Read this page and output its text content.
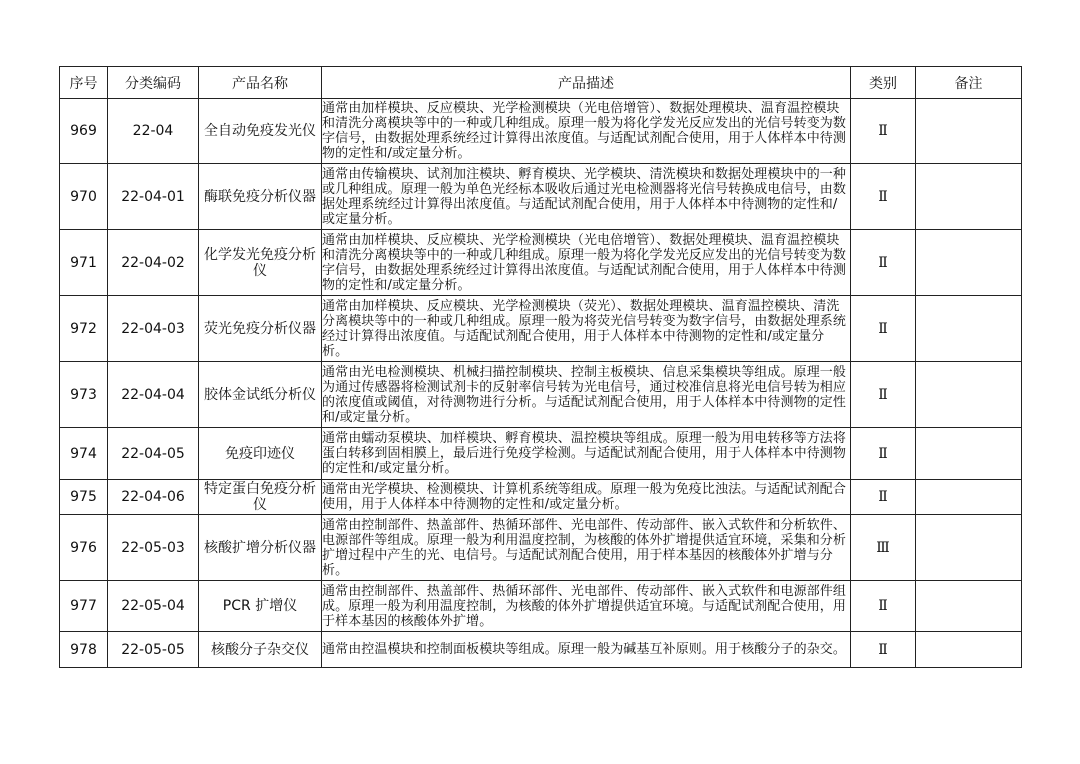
序号	分类编码	产品名称	产品描述	类别	备注
969	22-04	全自动免疫发光仪	通常由加样模块、反应模块、光学检测模块（光电倍增管）、数据处理模块、温育温控模块和清洗分离模块等中的一种或几种组成。原理一般为将化学发光反应发出的光信号转变为数字信号，由数据处理系统经过计算得出浓度值。与适配试剂配合使用，用于人体样本中待测物的定性和/或定量分析。	Ⅱ	
970	22-04-01	酶联免疫分析仪器	通常由传输模块、试剂加注模块、孵育模块、光学模块、清洗模块和数据处理模块中的一种或几种组成。原理一般为单色光经标本吸收后通过光电检测器将光信号转换成电信号，由数据处理系统经过计算得出浓度值。与适配试剂配合使用，用于人体样本中待测物的定性和/或定量分析。	Ⅱ	
971	22-04-02	化学发光免疫分析仪	通常由加样模块、反应模块、光学检测模块（光电倍增管）、数据处理模块、温育温控模块和清洗分离模块等中的一种或几种组成。原理一般为将化学发光反应发出的光信号转变为数字信号，由数据处理系统经过计算得出浓度值。与适配试剂配合使用，用于人体样本中待测物的定性和/或定量分析。	Ⅱ	
972	22-04-03	荧光免疫分析仪器	通常由加样模块、反应模块、光学检测模块（荧光）、数据处理模块、温育温控模块、清洗分离模块等中的一种或几种组成。原理一般为将荧光信号转变为数字信号，由数据处理系统经过计算得出浓度值。与适配试剂配合使用，用于人体样本中待测物的定性和/或定量分析。	Ⅱ	
973	22-04-04	胶体金试纸分析仪	通常由光电检测模块、机械扫描控制模块、控制主板模块、信息采集模块等组成。原理一般为通过传感器将检测试剂卡的反射率信号转为光电信号，通过校准信息将光电信号转为相应的浓度值或阈值，对待测物进行分析。与适配试剂配合使用，用于人体样本中待测物的定性和/或定量分析。	Ⅱ	
974	22-04-05	免疫印迹仪	通常由蠕动泵模块、加样模块、孵育模块、温控模块等组成。原理一般为用电转移等方法将蛋白转移到固相膜上，最后进行免疫学检测。与适配试剂配合使用，用于人体样本中待测物的定性和/或定量分析。	Ⅱ	
975	22-04-06	特定蛋白免疫分析仪	通常由光学模块、检测模块、计算机系统等组成。原理一般为免疫比浊法。与适配试剂配合使用，用于人体样本中待测物的定性和/或定量分析。	Ⅱ	
976	22-05-03	核酸扩增分析仪器	通常由控制部件、热盖部件、热循环部件、光电部件、传动部件、嵌入式软件和分析软件、电源部件等组成。原理一般为利用温度控制，为核酸的体外扩增提供适宜环境，采集和分析扩增过程中产生的光、电信号。与适配试剂配合使用，用于样本基因的核酸体外扩增与分析。	Ⅲ	
977	22-05-04	PCR 扩增仪	通常由控制部件、热盖部件、热循环部件、光电部件、传动部件、嵌入式软件和电源部件组成。原理一般为利用温度控制，为核酸的体外扩增提供适宜环境。与适配试剂配合使用，用于样本基因的核酸体外扩增。	Ⅱ	
978	22-05-05	核酸分子杂交仪	通常由控温模块和控制面板模块等组成。原理一般为碱基互补原则。用于核酸分子的杂交。	Ⅱ	
